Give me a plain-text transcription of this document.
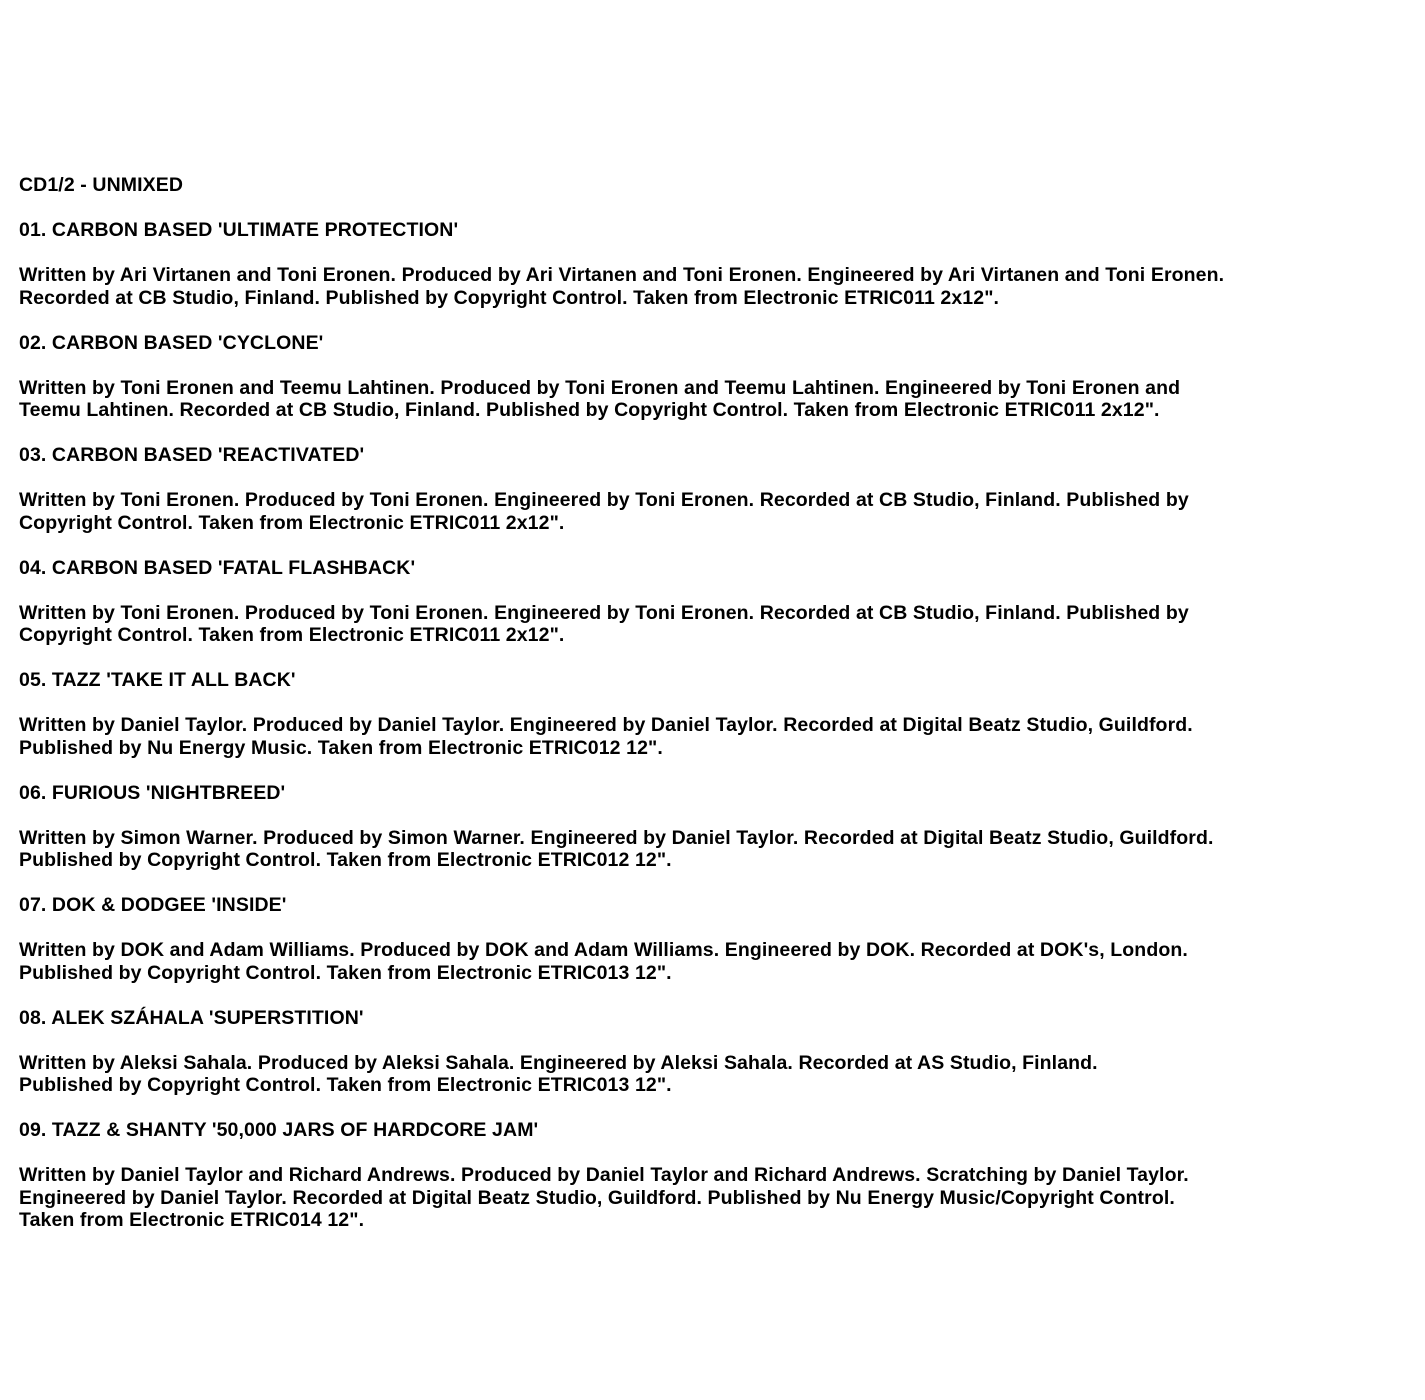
CD1/2 - UNMIXED
01. CARBON BASED 'ULTIMATE PROTECTION'
Written by Ari Virtanen and Toni Eronen. Produced by Ari Virtanen and Toni Eronen. Engineered by Ari Virtanen and Toni Eronen.
Recorded at CB Studio, Finland. Published by Copyright Control. Taken from Electronic ETRIC011 2x12".
02. CARBON BASED 'CYCLONE'
Written by Toni Eronen and Teemu Lahtinen. Produced by Toni Eronen and Teemu Lahtinen. Engineered by Toni Eronen and
Teemu Lahtinen. Recorded at CB Studio, Finland. Published by Copyright Control. Taken from Electronic ETRIC011 2x12".
03. CARBON BASED 'REACTIVATED'
Written by Toni Eronen. Produced by Toni Eronen. Engineered by Toni Eronen. Recorded at CB Studio, Finland. Published by
Copyright Control. Taken from Electronic ETRIC011 2x12".
04. CARBON BASED 'FATAL FLASHBACK'
Written by Toni Eronen. Produced by Toni Eronen. Engineered by Toni Eronen. Recorded at CB Studio, Finland. Published by
Copyright Control. Taken from Electronic ETRIC011 2x12".
05. TAZZ 'TAKE IT ALL BACK'
Written by Daniel Taylor. Produced by Daniel Taylor. Engineered by Daniel Taylor. Recorded at Digital Beatz Studio, Guildford.
Published by Nu Energy Music. Taken from Electronic ETRIC012 12".
06. FURIOUS 'NIGHTBREED'
Written by Simon Warner. Produced by Simon Warner. Engineered by Daniel Taylor. Recorded at Digital Beatz Studio, Guildford.
Published by Copyright Control. Taken from Electronic ETRIC012 12".
07. DOK & DODGEE 'INSIDE'
Written by DOK and Adam Williams. Produced by DOK and Adam Williams. Engineered by DOK. Recorded at DOK's, London.
Published by Copyright Control. Taken from Electronic ETRIC013 12".
08. ALEK SZÁHALA 'SUPERSTITION'
Written by Aleksi Sahala. Produced by Aleksi Sahala. Engineered by Aleksi Sahala. Recorded at AS Studio, Finland.
Published by Copyright Control. Taken from Electronic ETRIC013 12".
09. TAZZ & SHANTY '50,000 JARS OF HARDCORE JAM'
Written by Daniel Taylor and Richard Andrews. Produced by Daniel Taylor and Richard Andrews. Scratching by Daniel Taylor.
Engineered by Daniel Taylor. Recorded at Digital Beatz Studio, Guildford. Published by Nu Energy Music/Copyright Control.
Taken from Electronic ETRIC014 12".
